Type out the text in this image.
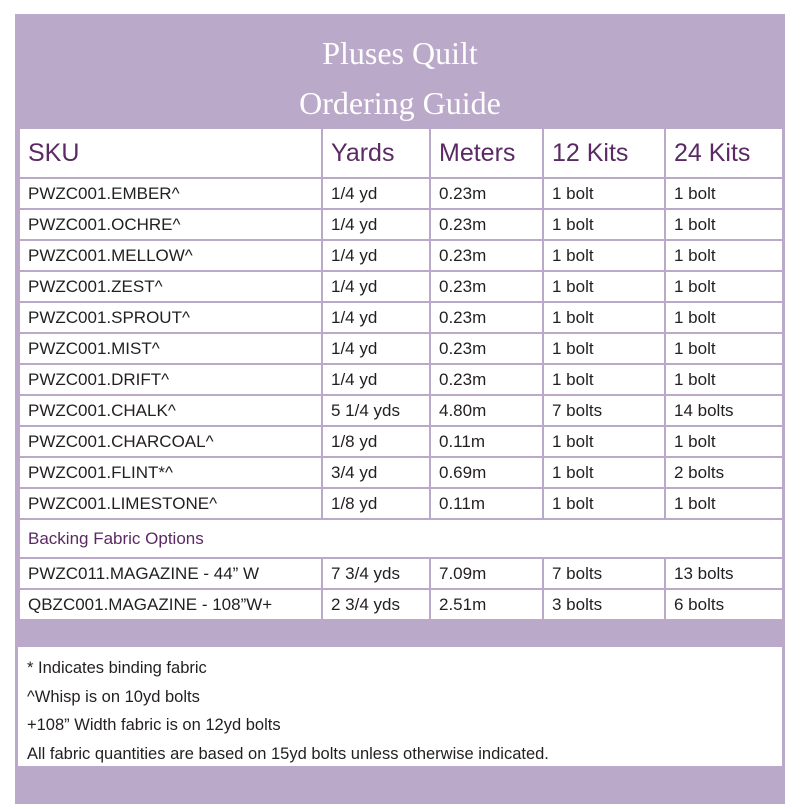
Pluses Quilt
Ordering Guide
SKU	Yards	Meters	12 Kits	24 Kits
PWZC001.EMBER^	1/4 yd	0.23m	1 bolt	1 bolt
PWZC001.OCHRE^	1/4 yd	0.23m	1 bolt	1 bolt
PWZC001.MELLOW^	1/4 yd	0.23m	1 bolt	1 bolt
PWZC001.ZEST^	1/4 yd	0.23m	1 bolt	1 bolt
PWZC001.SPROUT^	1/4 yd	0.23m	1 bolt	1 bolt
PWZC001.MIST^	1/4 yd	0.23m	1 bolt	1 bolt
PWZC001.DRIFT^	1/4 yd	0.23m	1 bolt	1 bolt
PWZC001.CHALK^	5 1/4 yds	4.80m	7 bolts	14 bolts
PWZC001.CHARCOAL^	1/8 yd	0.11m	1 bolt	1 bolt
PWZC001.FLINT*^	3/4 yd	0.69m	1 bolt	2 bolts
PWZC001.LIMESTONE^	1/8 yd	0.11m	1 bolt	1 bolt
Backing Fabric Options				
PWZC011.MAGAZINE - 44” W	7 3/4 yds	7.09m	7 bolts	13 bolts
QBZC001.MAGAZINE - 108”W+	2 3/4 yds	2.51m	3 bolts	6 bolts
* Indicates binding fabric
^Whisp is on 10yd bolts
+108” Width fabric is on 12yd bolts
All fabric quantities are based on 15yd bolts unless otherwise indicated.
